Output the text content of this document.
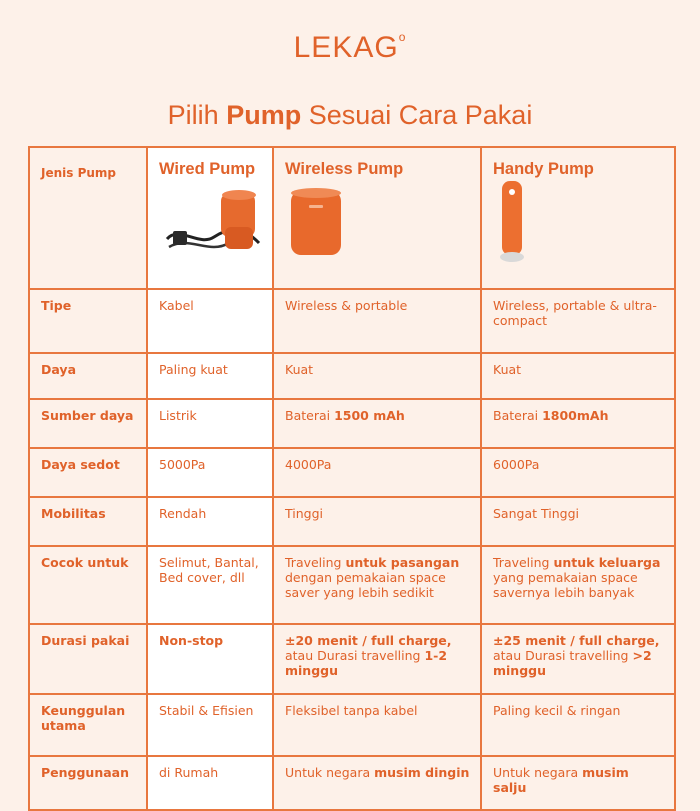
LEKAG$^o$
Pilih Pump Sesuai Cara Pakai
Jenis Pump	Wired Pump	Wireless Pump	Handy Pump

Tipe	Kabel	Wireless & portable	Wireless, portable & ultra-compact
Daya	Paling kuat	Kuat	Kuat
Sumber daya	Listrik	Baterai 1500 mAh	Baterai 1800mAh
Daya sedot	5000Pa	4000Pa	6000Pa
Mobilitas	Rendah	Tinggi	Sangat Tinggi
Cocok untuk	Selimut, Bantal, Bed cover, dll	Traveling untuk pasangan dengan pemakaian space saver yang lebih sedikit	Traveling untuk keluarga yang pemakaian space savernya lebih banyak
Durasi pakai	Non-stop	±20 menit / full charge, atau Durasi travelling 1-2 minggu	±25 menit / full charge, atau Durasi travelling >2 minggu
Keunggulan utama	Stabil & Efisien	Fleksibel tanpa kabel	Paling kecil & ringan
Penggunaan	di Rumah	Untuk negara musim dingin	Untuk negara musim salju
